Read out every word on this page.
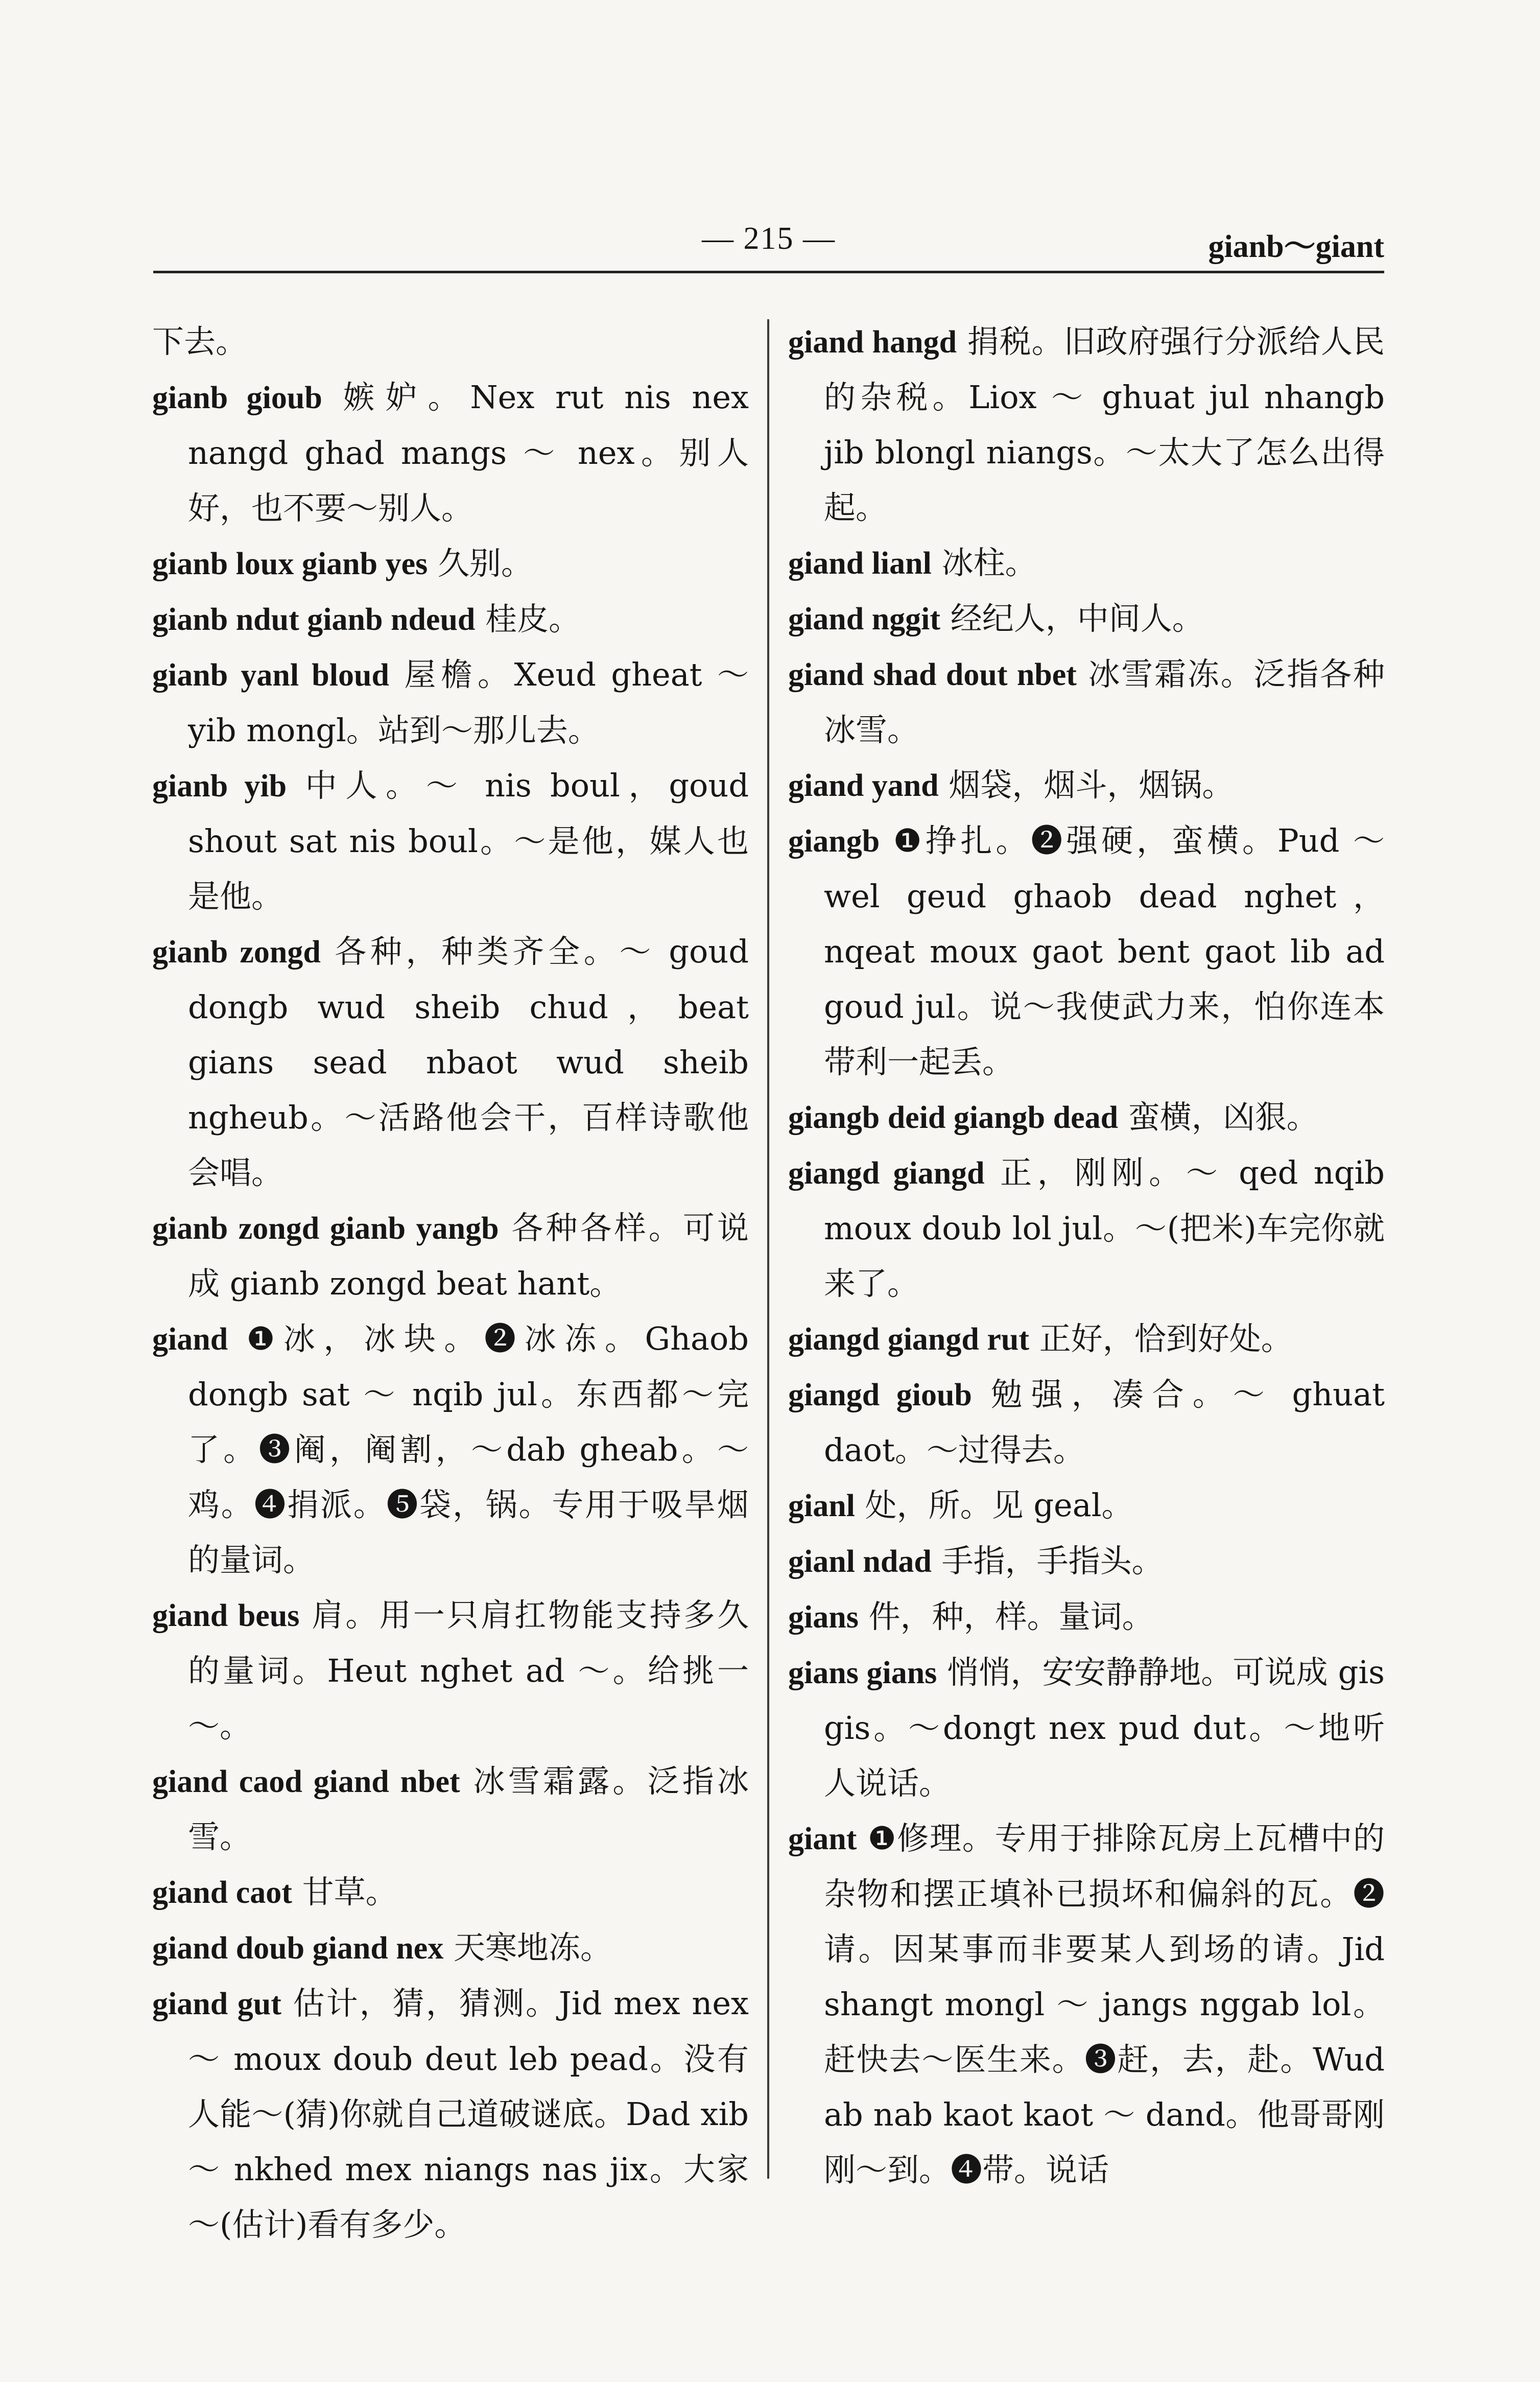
— 215 —	gianb～giant

下去。

gianb gioub 嫉妒。Nex rut nis nex nangd ghad mangs ～ nex。别人好，也不要～别人。

gianb loux gianb yes 久别。

gianb ndut gianb ndeud 桂皮。

gianb yanl bloud 屋檐。Xeud gheat ～ yib mongl。站到～那儿去。

gianb yib 中人。～ nis boul，goud shout sat nis boul。～是他，媒人也是他。

gianb zongd 各种，种类齐全。～ goud dongb wud sheib chud，beat gians sead nbaot wud sheib ngheub。～活路他会干，百样诗歌他会唱。

gianb zongd gianb yangb 各种各样。可说成 gianb zongd beat hant。

giand ❶冰，冰块。❷冰冻。Ghaob dongb sat ～ nqib jul。东西都～完了。❸阉，阉割，～dab gheab。～鸡。❹捐派。❺袋，锅。专用于吸旱烟的量词。

giand beus 肩。用一只肩扛物能支持多久的量词。Heut nghet ad ～。给挑一～。

giand caod giand nbet 冰雪霜露。泛指冰雪。

giand caot 甘草。

giand doub giand nex 天寒地冻。

giand gut 估计，猜，猜测。Jid mex nex ～ moux doub deut leb pead。没有人能～(猜)你就自己道破谜底。Dad xib ～ nkhed mex niangs nas jix。大家～(估计)看有多少。

giand hangd 捐税。旧政府强行分派给人民的杂税。Liox ～ ghuat jul nhangb jib blongl niangs。～太大了怎么出得起。

giand lianl 冰柱。

giand nggit 经纪人，中间人。

giand shad dout nbet 冰雪霜冻。泛指各种冰雪。

giand yand 烟袋，烟斗，烟锅。

giangb ❶挣扎。❷强硬，蛮横。Pud ～ wel geud ghaob dead nghet，nqeat moux gaot bent gaot lib ad goud jul。说～我使武力来，怕你连本带利一起丢。

giangb deid giangb dead 蛮横，凶狠。

giangd giangd 正，刚刚。～ qed nqib moux doub lol jul。～(把米)车完你就来了。

giangd giangd rut 正好，恰到好处。

giangd gioub 勉强，凑合。～ ghuat daot。～过得去。

gianl 处，所。见 geal。

gianl ndad 手指，手指头。

gians 件，种，样。量词。

gians gians 悄悄，安安静静地。可说成 gis gis。～dongt nex pud dut。～地听人说话。

giant ❶修理。专用于排除瓦房上瓦槽中的杂物和摆正填补已损坏和偏斜的瓦。❷请。因某事而非要某人到场的请。Jid shangt mongl ～ jangs nggab lol。赶快去～医生来。❸赶，去，赴。Wud ab nab kaot kaot ～ dand。他哥哥刚刚～到。❹带。说话
